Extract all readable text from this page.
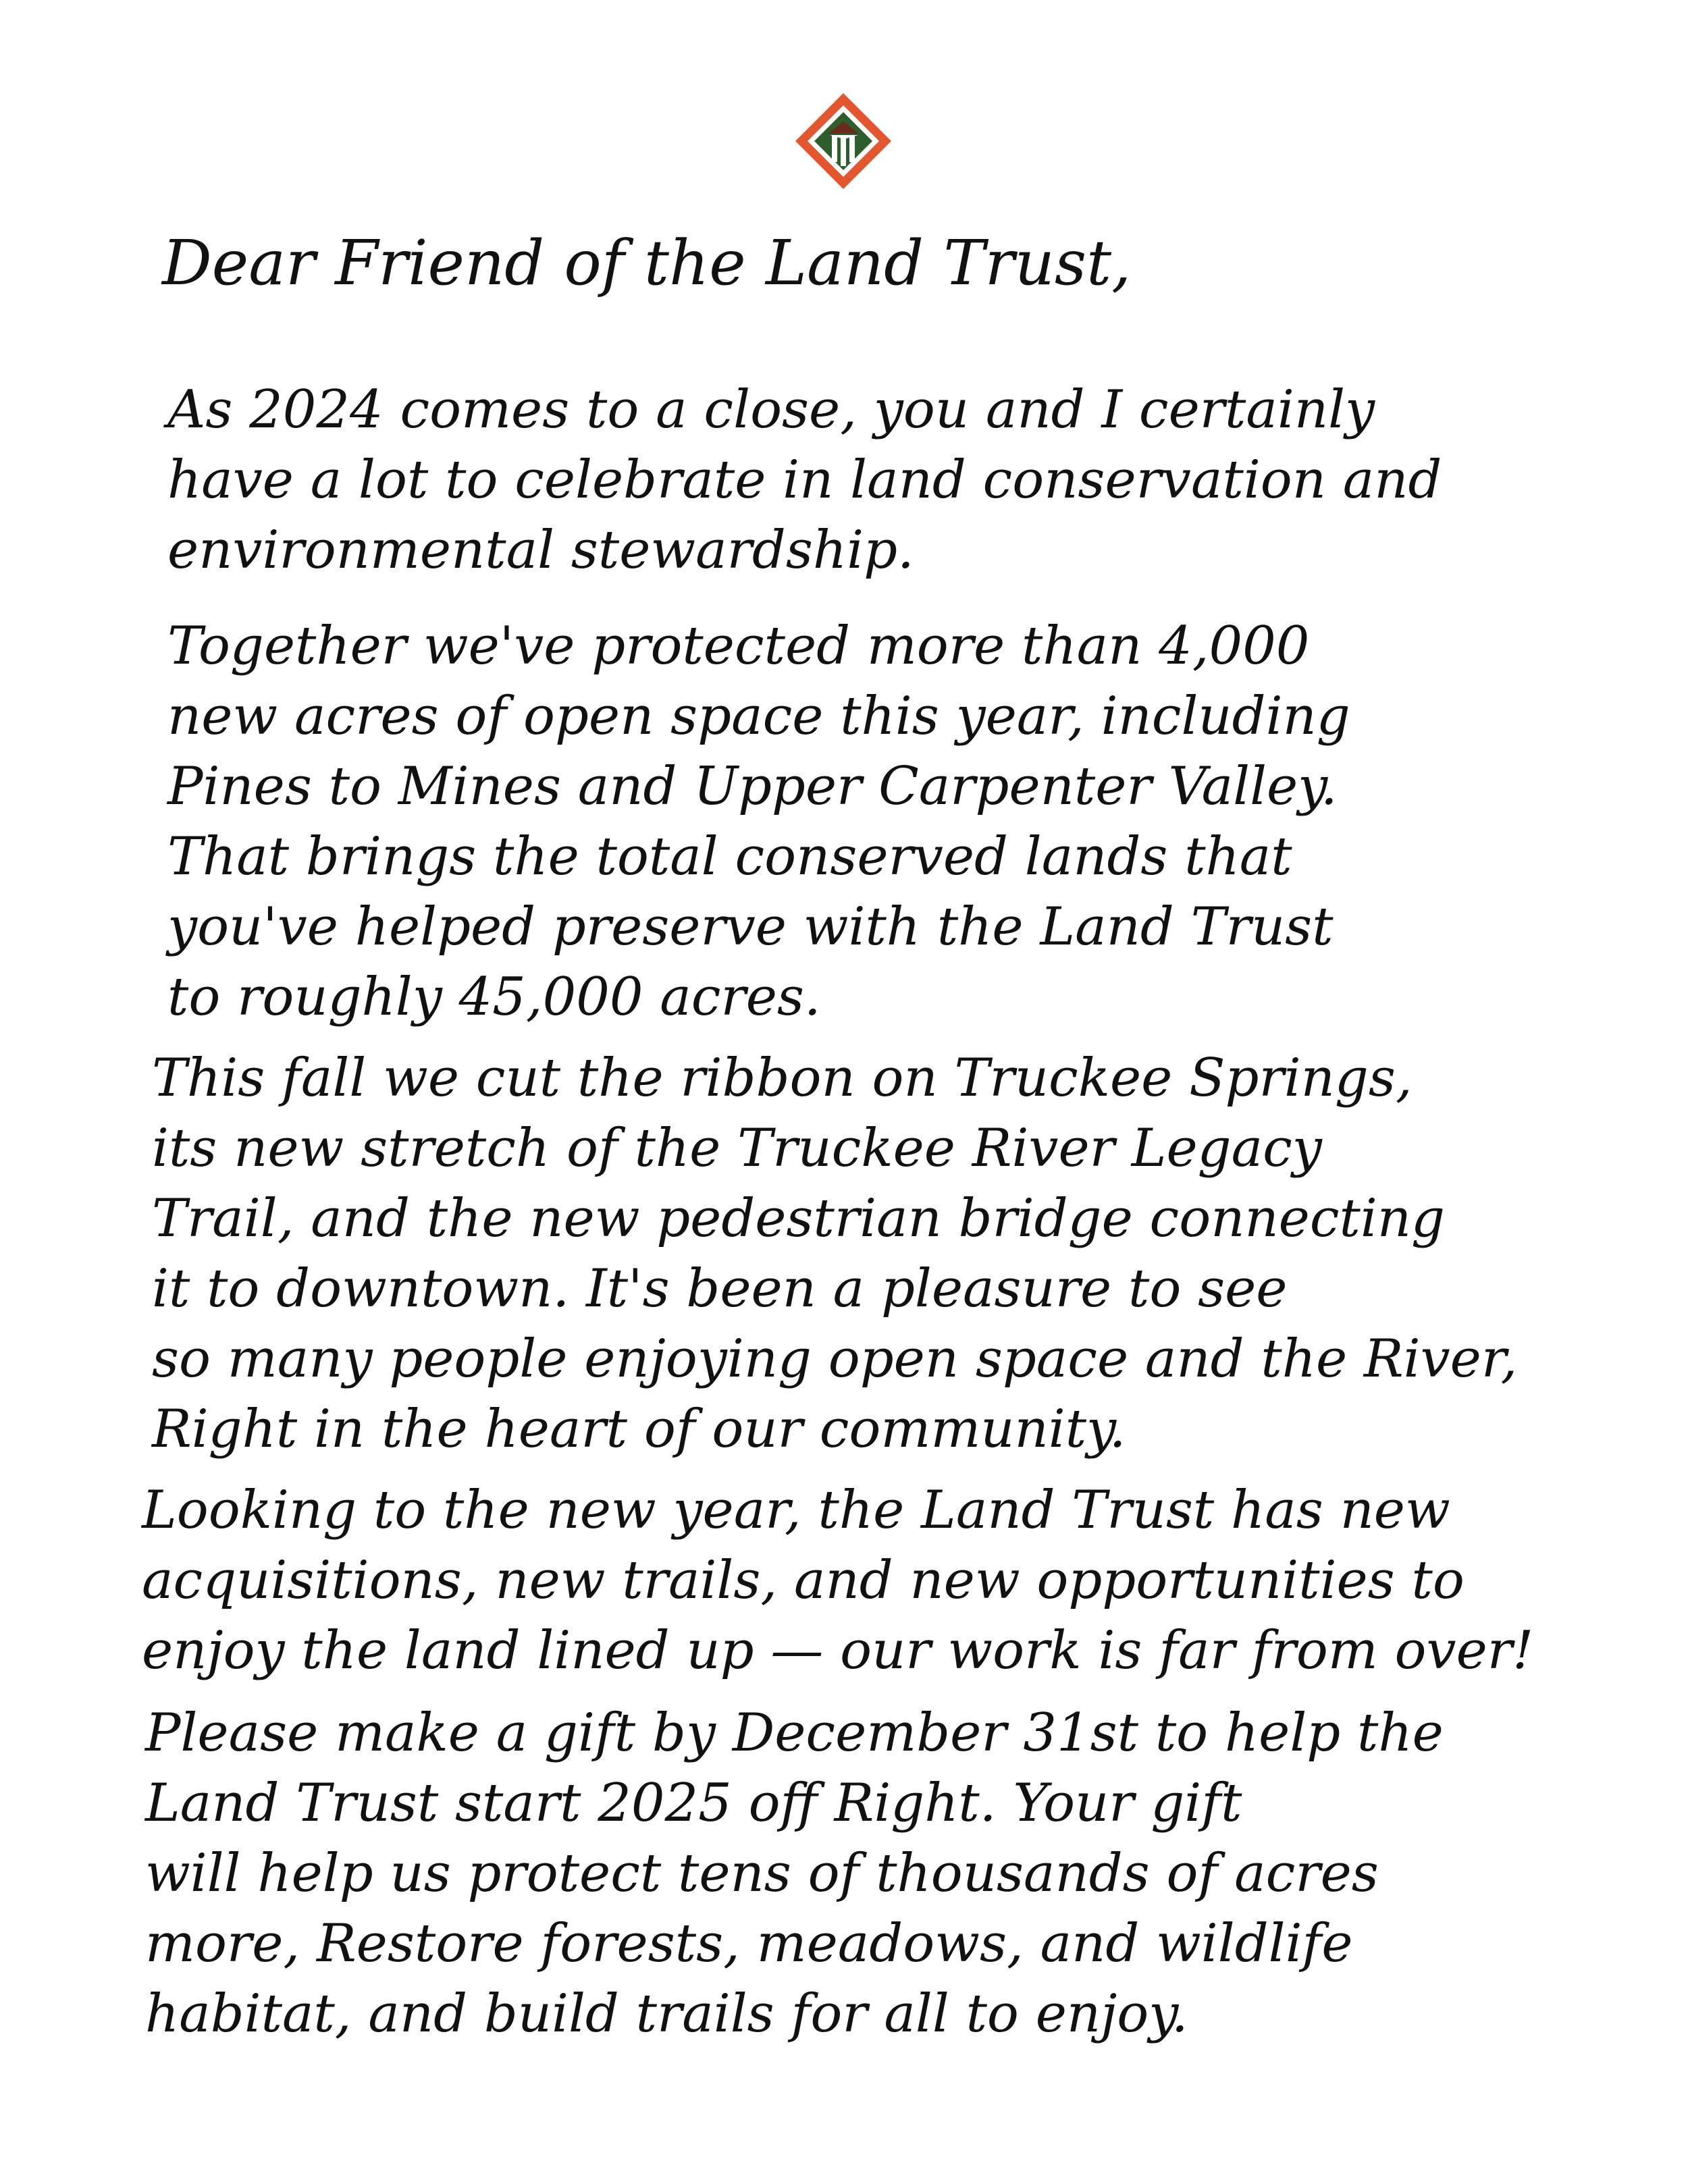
Dear Friend of the Land Trust,
As 2024 comes to a close, you and I certainly
have a lot to celebrate in land conservation and
environmental stewardship.
Together we've protected more than 4,000
new acres of open space this year, including
Pines to Mines and Upper Carpenter Valley.
That brings the total conserved lands that
you've helped preserve with the Land Trust
to roughly 45,000 acres.
This fall we cut the ribbon on Truckee Springs,
its new stretch of the Truckee River Legacy
Trail, and the new pedestrian bridge connecting
it to downtown. It's been a pleasure to see
so many people enjoying open space and the River,
Right in the heart of our community.
Looking to the new year, the Land Trust has new
acquisitions, new trails, and new opportunities to
enjoy the land lined up — our work is far from over!
Please make a gift by December 31st to help the
Land Trust start 2025 off Right. Your gift
will help us protect tens of thousands of acres
more, Restore forests, meadows, and wildlife
habitat, and build trails for all to enjoy.
